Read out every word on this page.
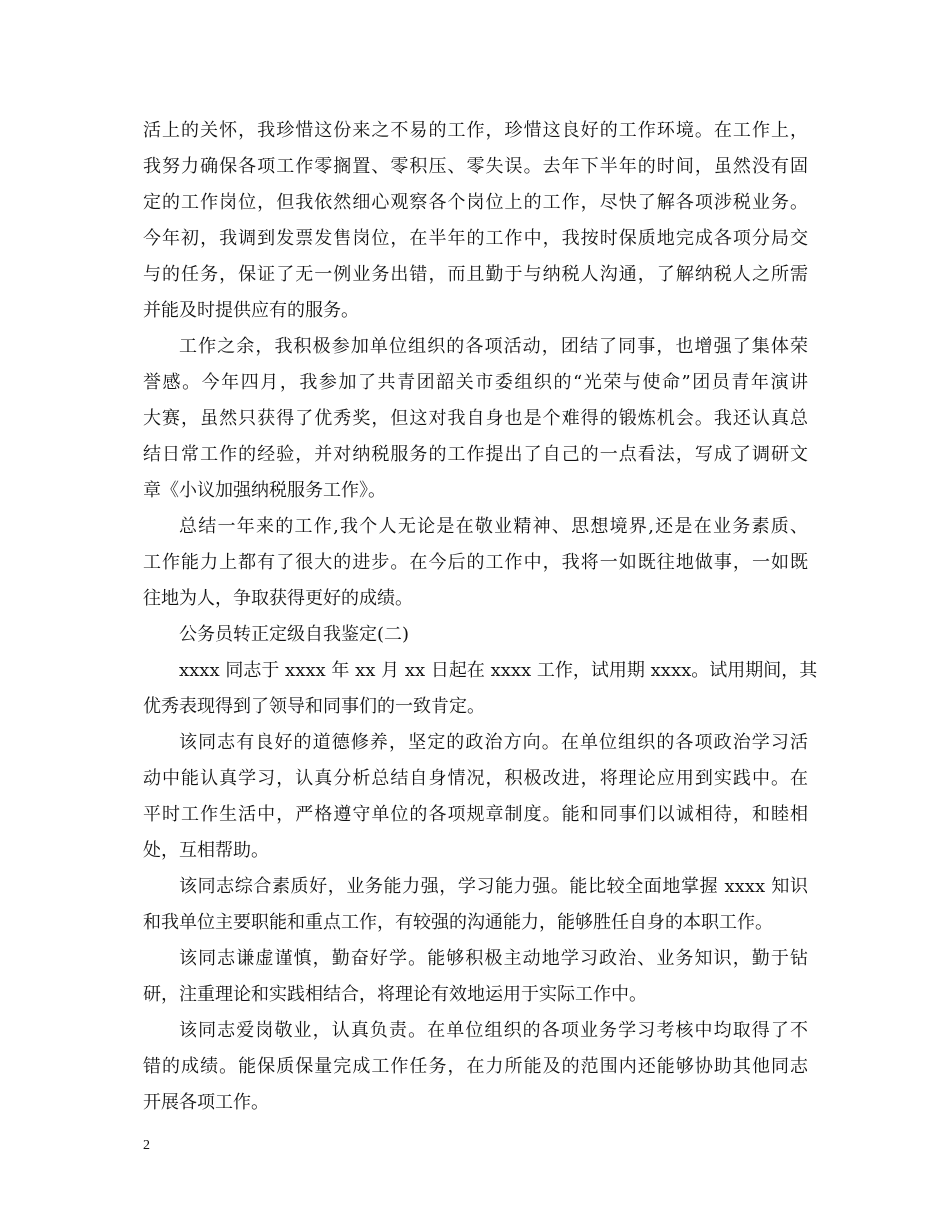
活上的关怀，我珍惜这份来之不易的工作，珍惜这良好的工作环境。在工作上，
我努力确保各项工作零搁置、零积压、零失误。去年下半年的时间，虽然没有固
定的工作岗位，但我依然细心观察各个岗位上的工作，尽快了解各项涉税业务。
今年初，我调到发票发售岗位，在半年的工作中，我按时保质地完成各项分局交
与的任务，保证了无一例业务出错，而且勤于与纳税人沟通，了解纳税人之所需
并能及时提供应有的服务。
工作之余，我积极参加单位组织的各项活动，团结了同事，也增强了集体荣
誉感。今年四月，我参加了共青团韶关市委组织的“光荣与使命”团员青年演讲
大赛，虽然只获得了优秀奖，但这对我自身也是个难得的锻炼机会。我还认真总
结日常工作的经验，并对纳税服务的工作提出了自己的一点看法，写成了调研文
章《小议加强纳税服务工作》。
总结一年来的工作,我个人无论是在敬业精神、思想境界,还是在业务素质、
工作能力上都有了很大的进步。在今后的工作中，我将一如既往地做事，一如既
往地为人，争取获得更好的成绩。
公务员转正定级自我鉴定(二)
xxxx 同志于 xxxx 年 xx 月 xx 日起在 xxxx 工作，试用期 xxxx。试用期间，其
优秀表现得到了领导和同事们的一致肯定。
该同志有良好的道德修养，坚定的政治方向。在单位组织的各项政治学习活
动中能认真学习，认真分析总结自身情况，积极改进，将理论应用到实践中。在
平时工作生活中，严格遵守单位的各项规章制度。能和同事们以诚相待，和睦相
处，互相帮助。
该同志综合素质好，业务能力强，学习能力强。能比较全面地掌握 xxxx 知识
和我单位主要职能和重点工作，有较强的沟通能力，能够胜任自身的本职工作。
该同志谦虚谨慎，勤奋好学。能够积极主动地学习政治、业务知识，勤于钻
研，注重理论和实践相结合，将理论有效地运用于实际工作中。
该同志爱岗敬业，认真负责。在单位组织的各项业务学习考核中均取得了不
错的成绩。能保质保量完成工作任务，在力所能及的范围内还能够协助其他同志
开展各项工作。
2
